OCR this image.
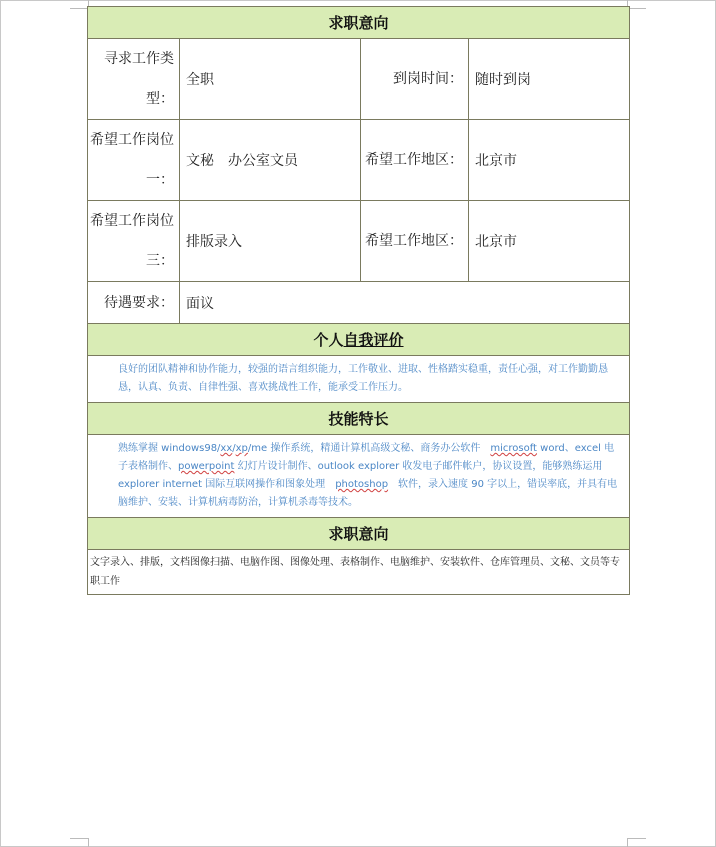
求职意向			
寻求工作类型：	全职	到岗时间：	随时到岗
希望工作岗位一：	文秘　办公室文员	希望工作地区：	北京市
希望工作岗位三：	排版录入	希望工作地区：	北京市
待遇要求：	面议		
个人自我评价			
良好的团队精神和协作能力，较强的语言组织能力，工作敬业、进取、性格踏实稳重，责任心强，对工作勤勤恳恳，认真、负责、自律性强、喜欢挑战性工作，能承受工作压力。			
技能特长			
熟练掌握 windows98/xx/xp/me 操作系统，精通计算机高级文秘、商务办公软件　microsoft word、excel 电子表格制作、powerpoint 幻灯片设计制作、outlook explorer 收发电子邮件帐户，协议设置，能够熟练运用　explorer internet 国际互联网操作和图象处理　photoshop　软件，录入速度 90 字以上，错误率底，并具有电脑维护、安装、计算机病毒防治，计算机杀毒等技术。			
求职意向			
文字录入、排版，文档图像扫描、电脑作图、图像处理、表格制作、电脑维护、安装软件、仓库管理员、文秘、文员等专职工作			
